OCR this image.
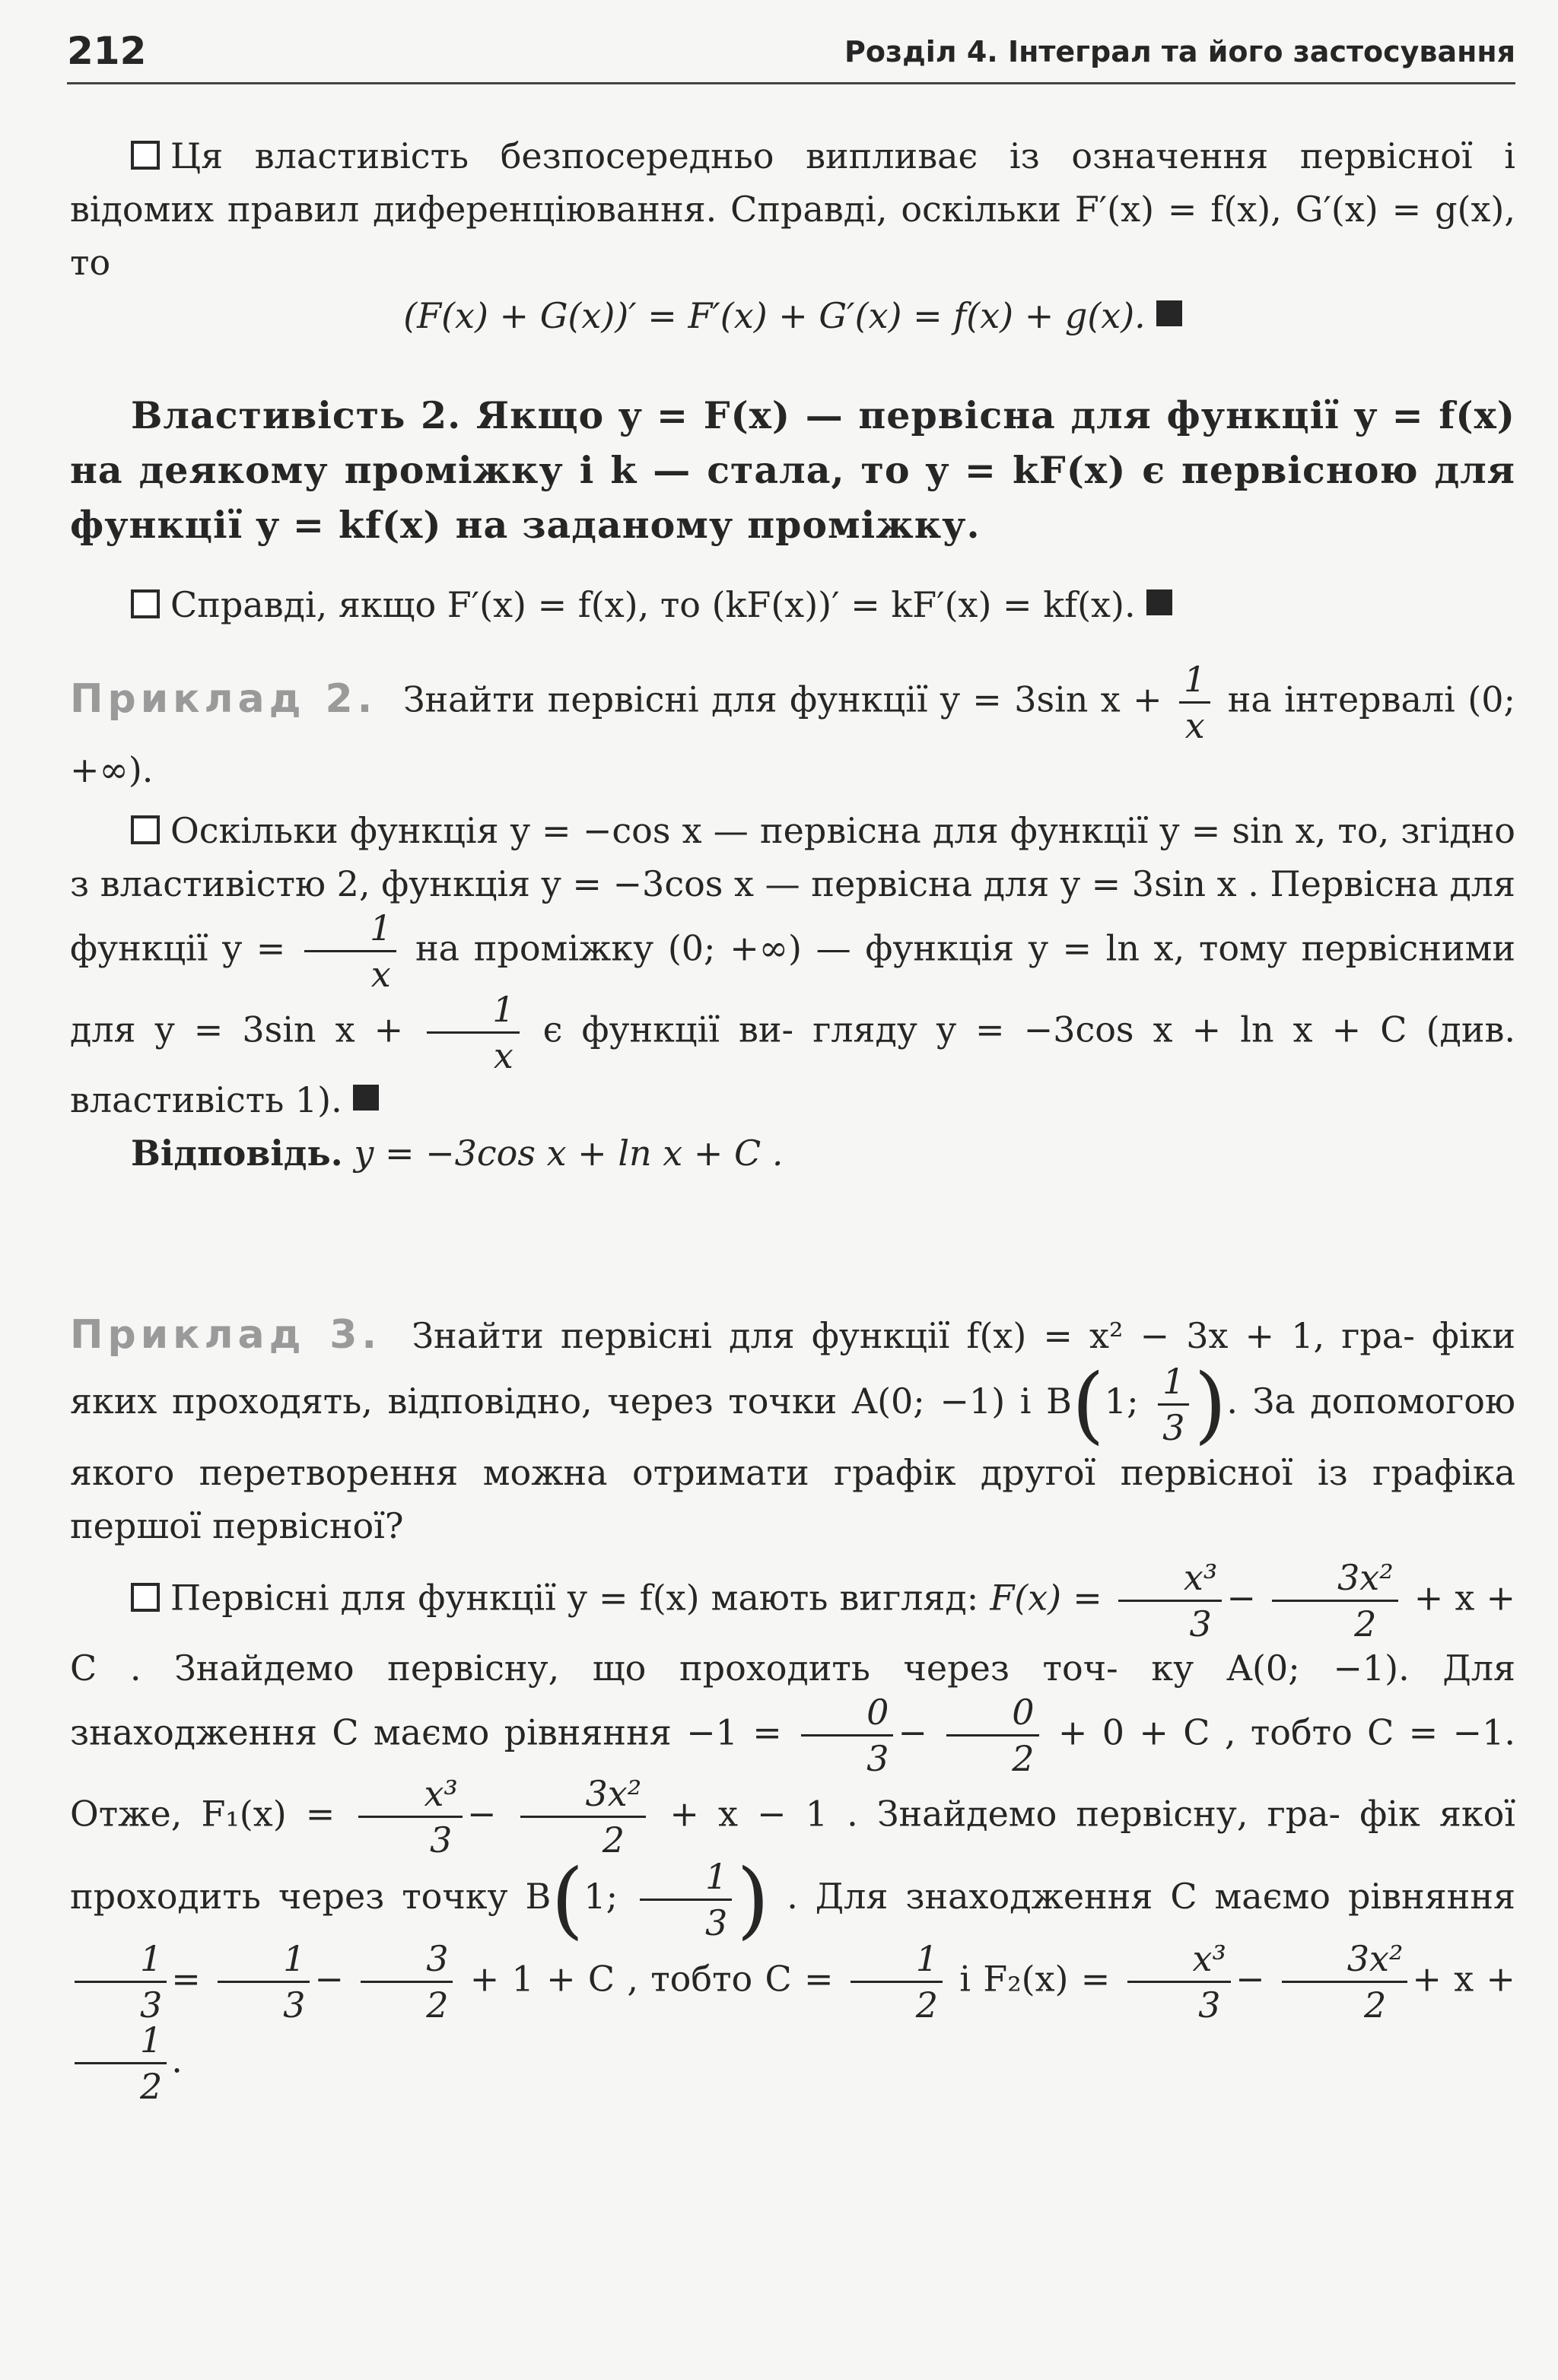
212	Розділ 4. Інтеграл та його застосування

Ця властивість безпосередньо випливає із означення первісної і відомих правил диференціювання. Справді, оскільки F′(x) = f(x), G′(x) = g(x), то

(F(x) + G(x))′ = F′(x) + G′(x) = f(x) + g(x).

Властивість 2. Якщо y = F(x) — первісна для функції y = f(x) на деякому проміжку і k — стала, то y = kF(x) є первісною для функції y = kf(x) на заданому проміжку.

Справді, якщо F′(x) = f(x), то (kF(x))′ = kF′(x) = kf(x).

Приклад 2. Знайти первісні для функції y = 3sin $x + \frac{1}{x}$ на інтервалі (0; +∞).

Оскільки функція y = −cos x — первісна для функції y = sin x, то, згідно з властивістю 2, функція y = −3cos x — первісна для y = 3sin x . Первісна для функції $y = \frac{1}{x}$ на проміжку (0; +∞) — функція y = ln x, тому первісними для y = 3sin $x + \frac{1}{x}$ є функції ви- гляду y = −3cos x + ln x + C (див. властивість 1).

Відповідь. y = −3cos x + ln x + C .

Приклад 3. Знайти первісні для функції f(x) = x² − 3x + 1, гра- фіки яких проходять, відповідно, через точки A(0; −1) і B(1; $\frac{1}{3}$ ). За допомогою якого перетворення можна отримати графік другої первісної із графіка першої первісної?

Первісні для функції y = f(x) мають вигляд: $F(x) = \frac{\text{x³}}{3} - \frac{\text{3x²}}{2} + x + C$ . Знайдемо первісну, що проходить через точ- ку A(0; −1). Для знаходження C маємо рівняння $-1 = \frac{0}{3} - \frac{0}{2} + 0 + C$ , тобто C = −1. Отже, $F_1(x) = \frac{\text{x³}}{3} - \frac{\text{3x²}}{2} + x - 1$ . Знайдемо первісну, гра- фік якої проходить через точку B(1; $\frac{1}{3}$ ) . Для знаходження C маємо рівняння
$\frac{1}{3} = \frac{1}{3} - \frac{3}{2} + 1 + C$ , тобто $C = \frac{1}{2}$ і $F_2(x) = \frac{\text{x³}}{3} - \frac{\text{3x²}}{2} + x$ +
$\frac{1}{2}$ .
